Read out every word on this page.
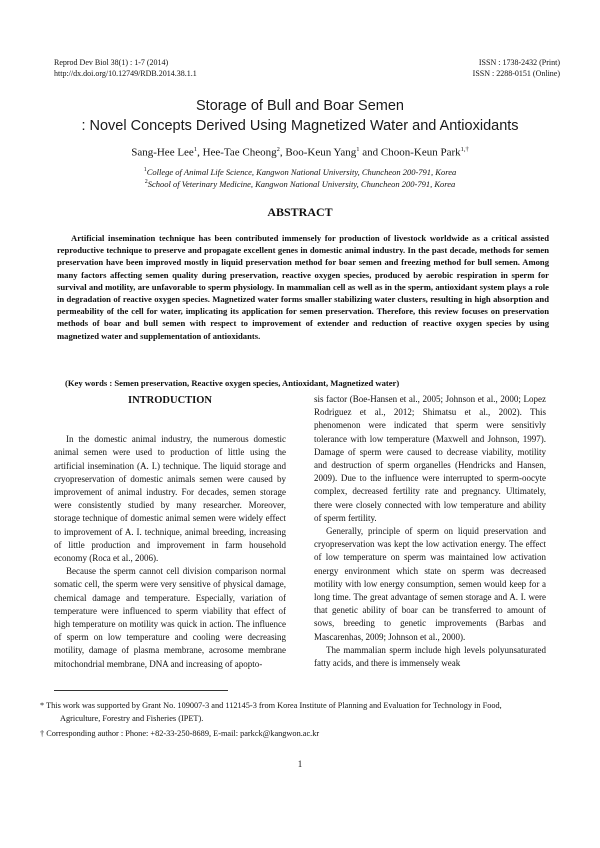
Reprod Dev Biol 38(1) : 1-7 (2014)
http://dx.doi.org/10.12749/RDB.2014.38.1.1
ISSN : 1738-2432 (Print)
ISSN : 2288-0151 (Online)
Storage of Bull and Boar Semen
: Novel Concepts Derived Using Magnetized Water and Antioxidants
Sang-Hee Lee$^1$, Hee-Tae Cheong$^2$, Boo-Keun Yang$^1$ and Choon-Keun Park$^{1,\dagger}$
$^1$College of Animal Life Science, Kangwon National University, Chuncheon 200-791, Korea
$^2$School of Veterinary Medicine, Kangwon National University, Chuncheon 200-791, Korea
ABSTRACT

Artificial insemination technique has been contributed immensely for production of livestock worldwide as a critical assisted reproductive technique to preserve and propagate excellent genes in domestic animal industry. In the past decade, methods for semen preservation have been improved mostly in liquid preservation method for boar semen and freezing method for bull semen. Among many factors affecting semen quality during preservation, reactive oxygen species, produced by aerobic respiration in sperm for survival and motility, are unfavorable to sperm physiology. In mammalian cell as well as in the sperm, antioxidant system plays a role in degradation of reactive oxygen species. Magnetized water forms smaller stabilizing water clusters, resulting in high absorption and permeability of the cell for water, implicating its application for semen preservation. Therefore, this review focuses on preservation methods of boar and bull semen with respect to improvement of extender and reduction of reactive oxygen species by using magnetized water and supplementation of antioxidants.

(Key words : Semen preservation, Reactive oxygen species, Antioxidant, Magnetized water)
INTRODUCTION

In the domestic animal industry, the numerous domestic animal semen were used to production of little using the artificial insemination (A. I.) technique. The liquid storage and cryopreservation of domestic animals semen were caused by improvement of animal industry. For decades, semen storage were consistently studied by many researcher. Moreover, storage technique of domestic animal semen were widely effect to improvement of A. I. technique, animal breeding, increasing of little production and improvement in farm household economy (Roca et al., 2006).

Because the sperm cannot cell division comparison normal somatic cell, the sperm were very sensitive of physical damage, chemical damage and temperature. Especially, variation of temperature were influenced to sperm viability that effect of high temperature on motility was quick in action. The influence of sperm on low temperature and cooling were decreasing motility, damage of plasma membrane, acrosome membrane mitochondrial membrane, DNA and increasing of apopto-

sis factor (Boe-Hansen et al., 2005; Johnson et al., 2000; Lopez Rodriguez et al., 2012; Shimatsu et al., 2002). This phenomenon were indicated that sperm were sensitivly tolerance with low temperature (Maxwell and Johnson, 1997). Damage of sperm were caused to decrease viability, motility and destruction of sperm organelles (Hendricks and Hansen, 2009). Due to the influence were interrupted to sperm-oocyte complex, decreased fertility rate and pregnancy. Ultimately, there were closely connected with low temperature and ability of sperm fertility.

Generally, principle of sperm on liquid preservation and cryopreservation was kept the low activation energy. The effect of low temperature on sperm was maintained low activation energy environment which state on sperm was decreased motility with low energy consumption, semen would keep for a long time. The great advantage of semen storage and A. I. were that genetic ability of boar can be transferred to amount of sows, breeding to genetic improvements (Barbas and Mascarenhas, 2009; Johnson et al., 2000).

The mammalian sperm include high levels polyunsaturated fatty acids, and there is immensely weak

* This work was supported by Grant No. 109007-3 and 112145-3 from Korea Institute of Planning and Evaluation for Technology in Food,
Agriculture, Forestry and Fisheries (IPET).
† Corresponding author : Phone: +82-33-250-8689, E-mail: parkck@kangwon.ac.kr
1
